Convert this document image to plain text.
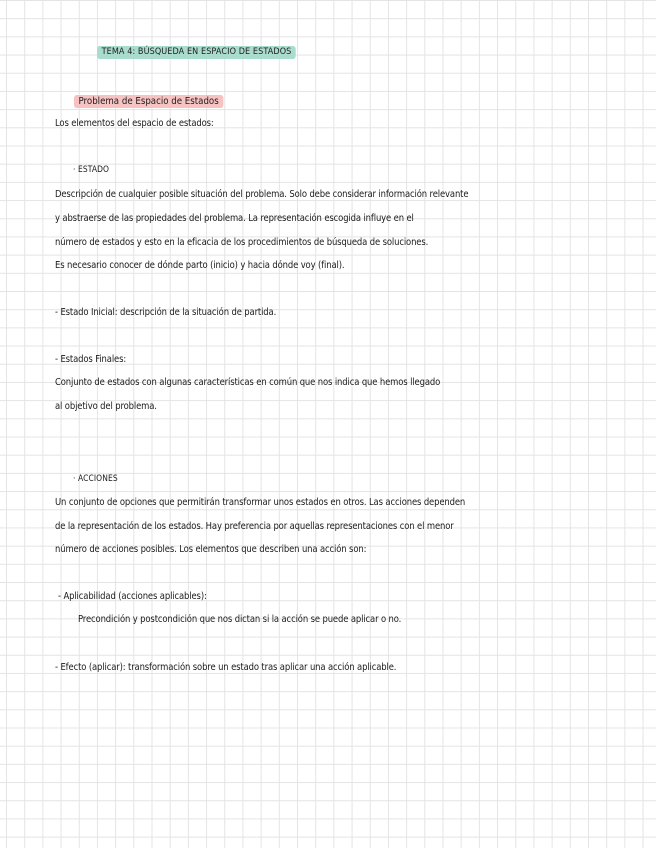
TEMA 4: BÚSQUEDA EN ESPACIO DE ESTADOS
Problema de Espacio de Estados
Los elementos del espacio de estados:
· ESTADO
Descripción de cualquier posible situación del problema. Solo debe considerar información relevante
y abstraerse de las propiedades del problema. La representación escogida influye en el
número de estados y esto en la eficacia de los procedimientos de búsqueda de soluciones.
Es necesario conocer de dónde parto (inicio) y hacia dónde voy (final).
- Estado Inicial: descripción de la situación de partida.
- Estados Finales:
Conjunto de estados con algunas características en común que nos indica que hemos llegado
al objetivo del problema.
· ACCIONES
Un conjunto de opciones que permitirán transformar unos estados en otros. Las acciones dependen
de la representación de los estados. Hay preferencia por aquellas representaciones con el menor
número de acciones posibles. Los elementos que describen una acción son:
- Aplicabilidad (acciones aplicables):
Precondición y postcondición que nos dictan si la acción se puede aplicar o no.
- Efecto (aplicar): transformación sobre un estado tras aplicar una acción aplicable.
